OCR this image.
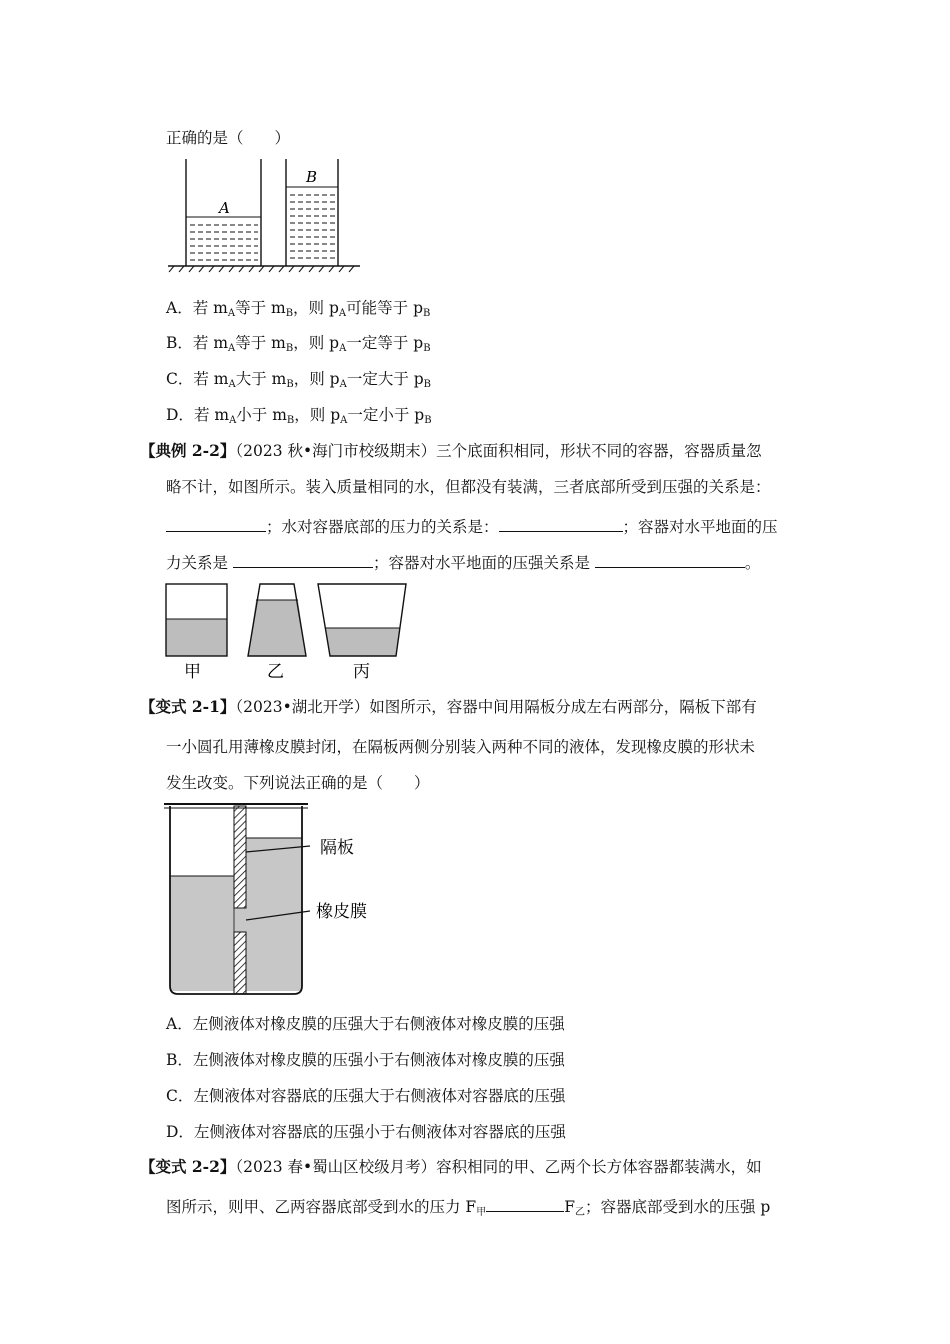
正确的是（　　）
A
B
A．若 $m_A$等于 $m_B$，则 $p_A$可能等于 $p_B$
B．若 $m_A$等于 $m_B$，则 $p_A$一定等于 $p_B$
C．若 $m_A$大于 $m_B$，则 $p_A$一定大于 $p_B$
D．若 $m_A$小于 $m_B$，则 $p_A$一定小于 $p_B$
【典例 2-2】（2023 秋•海门市校级期末）三个底面积相同，形状不同的容器，容器质量忽
略不计，如图所示。装入质量相同的水，但都没有装满，三者底部所受到压强的关系是：
；水对容器底部的压力的关系是：	；容器对水平地面的压
力关系是	；容器对水平地面的压强关系是	。
甲	乙	丙
【变式 2-1】（2023•湖北开学）如图所示，容器中间用隔板分成左右两部分，隔板下部有
一小圆孔用薄橡皮膜封闭，在隔板两侧分别装入两种不同的液体，发现橡皮膜的形状未
发生改变。下列说法正确的是（　　）
隔板
橡皮膜
A．左侧液体对橡皮膜的压强大于右侧液体对橡皮膜的压强
B．左侧液体对橡皮膜的压强小于右侧液体对橡皮膜的压强
C．左侧液体对容器底的压强大于右侧液体对容器底的压强
D．左侧液体对容器底的压强小于右侧液体对容器底的压强
【变式 2-2】（2023 春•蜀山区校级月考）容积相同的甲、乙两个长方体容器都装满水，如
图所示，则甲、乙两容器底部受到水的压力 $F_甲$	$F_乙$；容器底部受到水的压强 p
